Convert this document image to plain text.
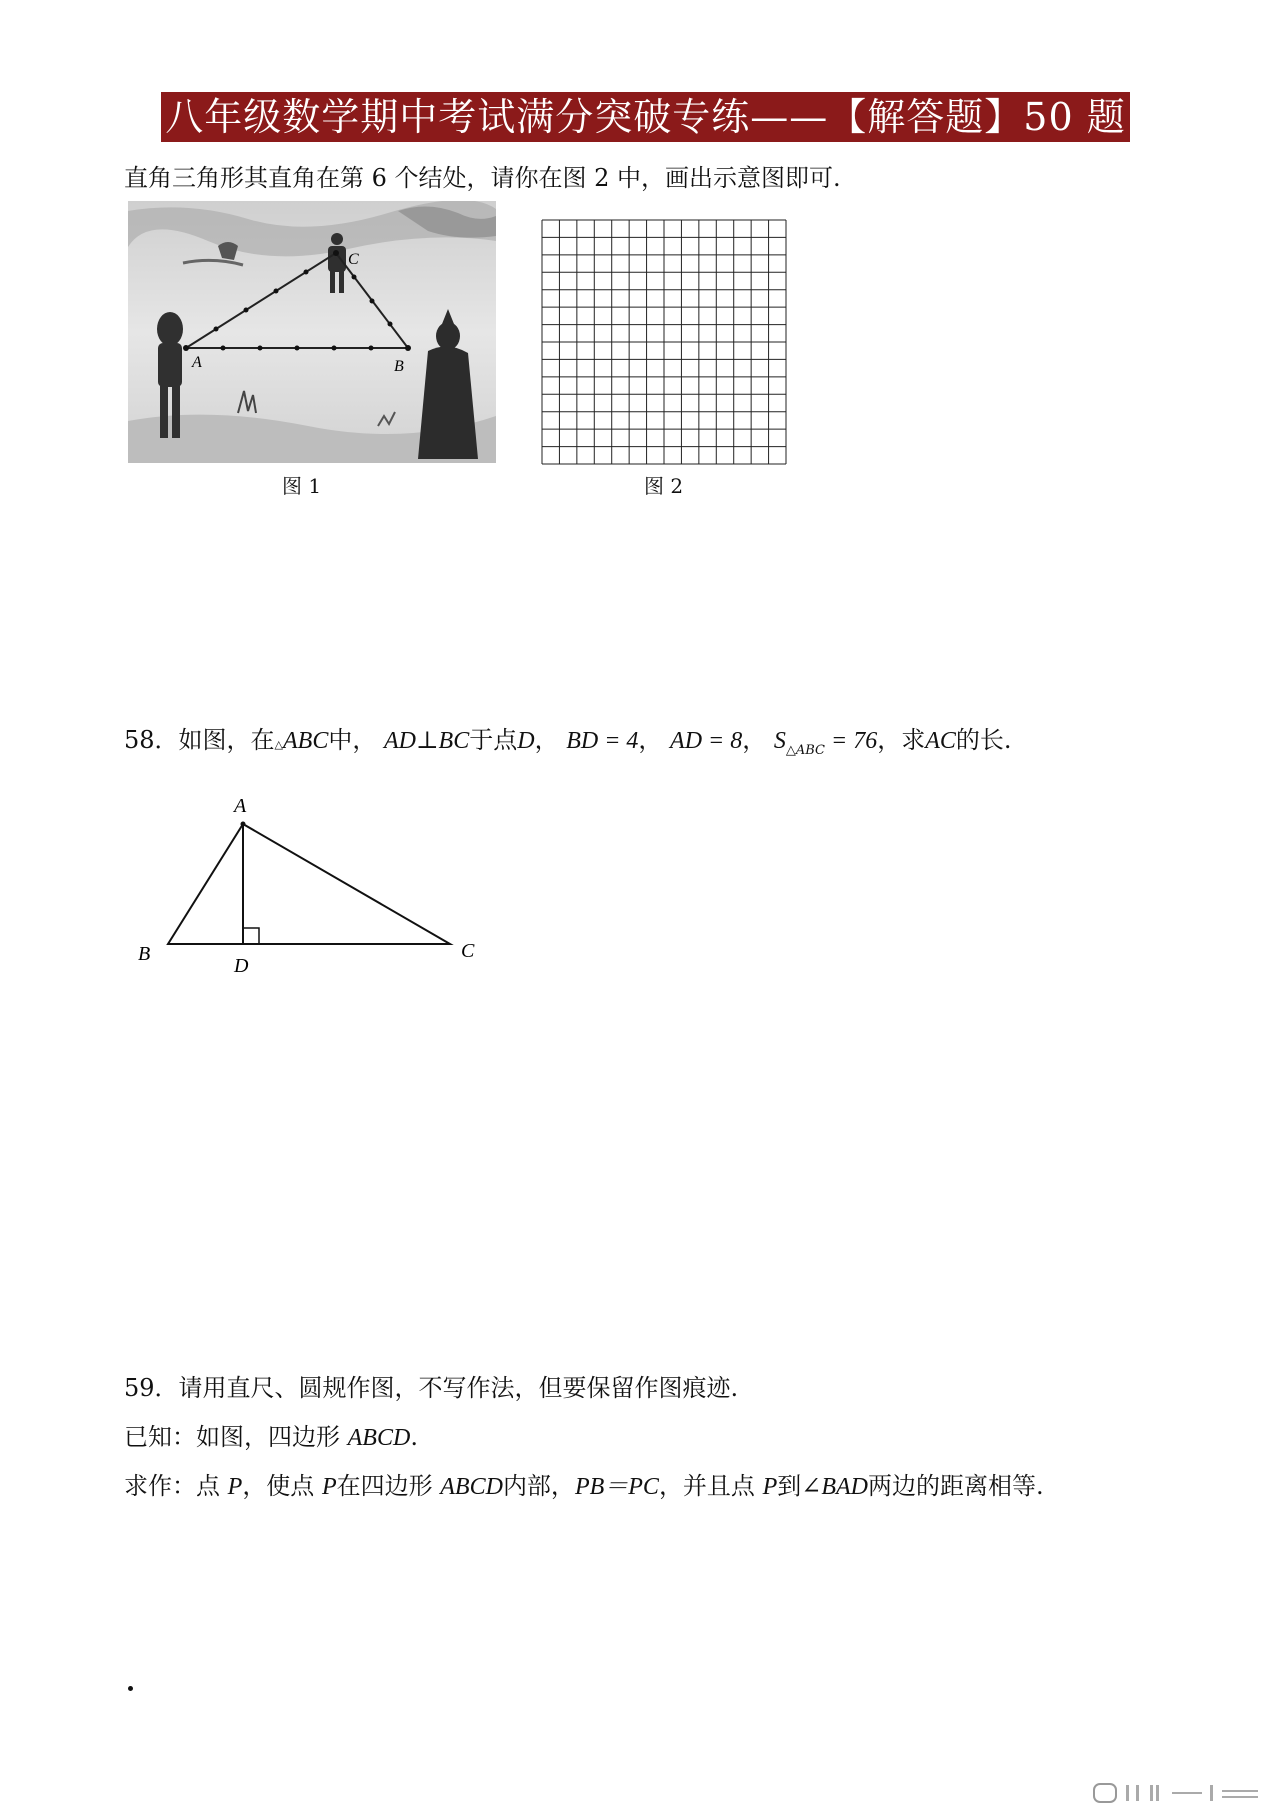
八年级数学期中考试满分突破专练——【解答题】50 题
直角三角形其直角在第 6 个结处，请你在图 2 中，画出示意图即可.
A	B
C
图 1	图 2
58．如图，在△ABC中， AD⊥BC于点D， BD = 4， AD = 8， $S_{\triangle ABC} = 76$，求AC的长.
A
B	C
D
59．请用直尺、圆规作图，不写作法，但要保留作图痕迹.
已知：如图，四边形 ABCD.
求作：点 P，使点 P在四边形 ABCD内部，PB＝PC，并且点 P到∠BAD两边的距离相等.
